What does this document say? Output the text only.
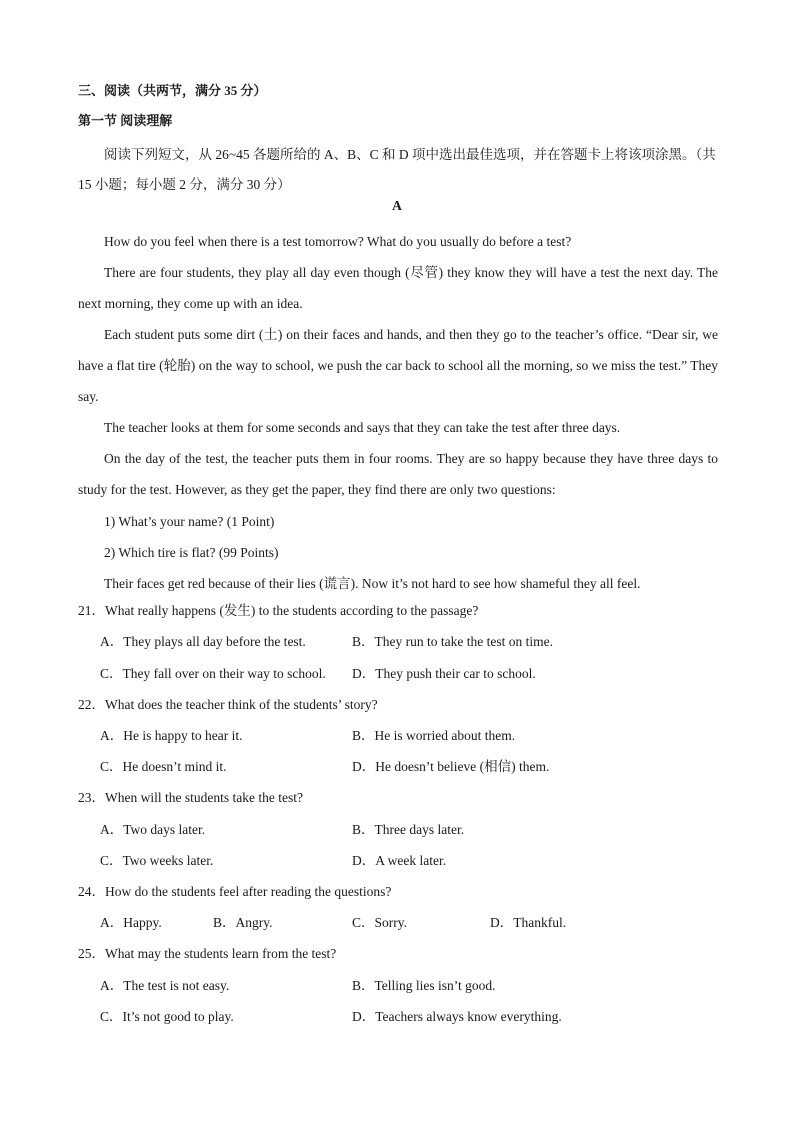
三、阅读（共两节，满分 35 分）
第一节 阅读理解
阅读下列短文，从 26~45 各题所给的 A、B、C 和 D 项中选出最佳选项，并在答题卡上将该项涂黑。（共 15 小题；每小题 2 分，满分 30 分）
A
How do you feel when there is a test tomorrow? What do you usually do before a test?
There are four students, they play all day even though (尽管) they know they will have a test the next day. The next morning, they come up with an idea.
Each student puts some dirt (土) on their faces and hands, and then they go to the teacher’s office. “Dear sir, we have a flat tire (轮胎) on the way to school, we push the car back to school all the morning, so we miss the test.” They say.
The teacher looks at them for some seconds and says that they can take the test after three days.
On the day of the test, the teacher puts them in four rooms. They are so happy because they have three days to study for the test. However, as they get the paper, they find there are only two questions:
1) What’s your name? (1 Point)
2) Which tire is flat? (99 Points)
Their faces get red because of their lies (谎言). Now it’s not hard to see how shameful they all feel.
21．What really happens (发生) to the students according to the passage?
A．They plays all day before the test.	B．They run to take the test on time.
C．They fall over on their way to school. D．They push their car to school.
22．What does the teacher think of the students’ story?
A．He is happy to hear it.	B．He is worried about them.
C．He doesn’t mind it.	D．He doesn’t believe (相信) them.
23．When will the students take the test?
A．Two days later.	B．Three days later.
C．Two weeks later.	D．A week later.
24．How do the students feel after reading the questions?
A．Happy.	B．Angry.	C．Sorry.	D．Thankful.
25．What may the students learn from the test?
A．The test is not easy.	B．Telling lies isn’t good.
C．It’s not good to play.	D．Teachers always know everything.
